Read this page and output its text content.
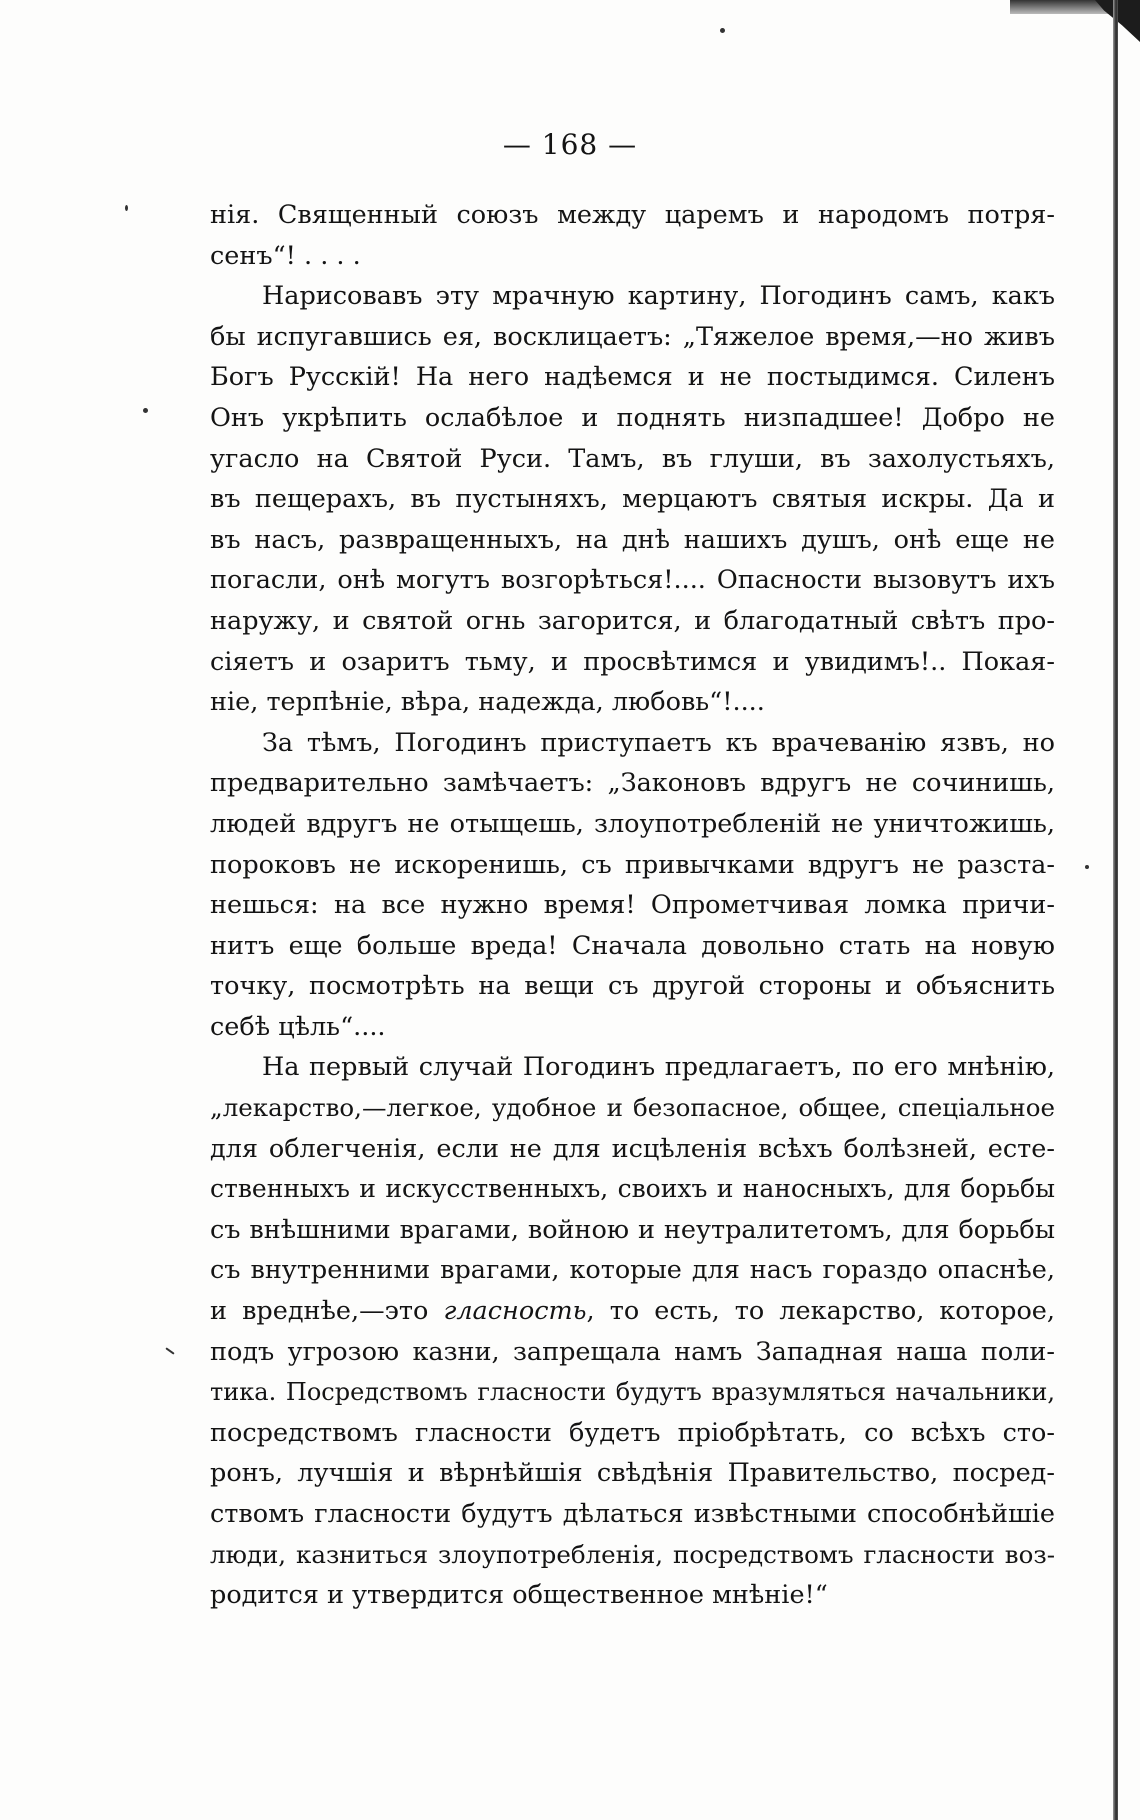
— 168 —
нія. Священный союзъ между царемъ и народомъ потря-
сенъ“! . . . .
Нарисовавъ эту мрачную картину, Погодинъ самъ, какъ
бы испугавшись ея, восклицаетъ: „Тяжелое время,—но живъ
Богъ Русскій! На него надѣемся и не постыдимся. Силенъ
Онъ укрѣпить ослабѣлое и поднять низпадшее! Добро не
угасло на Святой Руси. Тамъ, въ глуши, въ захолустьяхъ,
въ пещерахъ, въ пустыняхъ, мерцаютъ святыя искры. Да и
въ насъ, развращенныхъ, на днѣ нашихъ душъ, онѣ еще не
погасли, онѣ могутъ возгорѣться!.... Опасности вызовутъ ихъ
наружу, и святой огнь загорится, и благодатный свѣтъ про-
сіяетъ и озаритъ тьму, и просвѣтимся и увидимъ!.. Покая-
ніе, терпѣніе, вѣра, надежда, любовь“!....
За тѣмъ, Погодинъ приступаетъ къ врачеванію язвъ, но
предварительно замѣчаетъ: „Законовъ вдругъ не сочинишь,
людей вдругъ не отыщешь, злоупотребленій не уничтожишь,
пороковъ не искоренишь, съ привычками вдругъ не разста-
нешься: на все нужно время! Опрометчивая ломка причи-
нитъ еще больше вреда! Сначала довольно стать на новую
точку, посмотрѣть на вещи съ другой стороны и объяснить
себѣ цѣль“....
На первый случай Погодинъ предлагаетъ, по его мнѣнію,
„лекарство,—легкое, удобное и безопасное, общее, спеціальное
для облегченія, если не для исцѣленія всѣхъ болѣзней, есте-
ственныхъ и искусственныхъ, своихъ и наносныхъ, для борьбы
съ внѣшними врагами, войною и неутралитетомъ, для борьбы
съ внутренними врагами, которые для насъ гораздо опаснѣе,
и вреднѣе,—это гласность, то есть, то лекарство, которое,
подъ угрозою казни, запрещала намъ Западная наша поли-
тика. Посредствомъ гласности будутъ вразумляться начальники,
посредствомъ гласности будетъ пріобрѣтать, со всѣхъ сто-
ронъ, лучшія и вѣрнѣйшія свѣдѣнія Правительство, посред-
ствомъ гласности будутъ дѣлаться извѣстными способнѣйшіе
люди, казниться злоупотребленія, посредствомъ гласности воз-
родится и утвердится общественное мнѣніе!“
